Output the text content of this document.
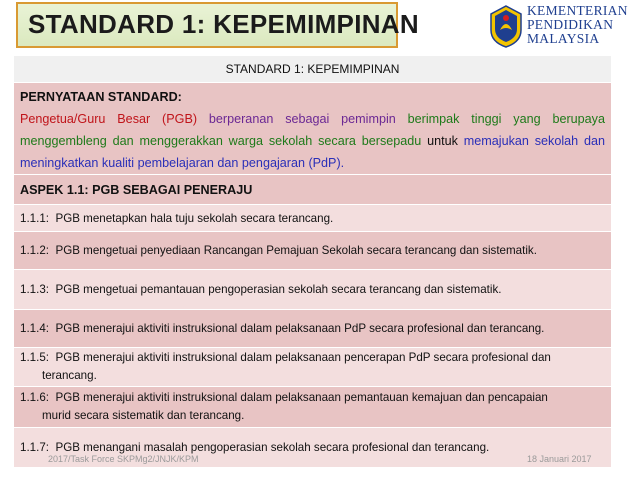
STANDARD 1: KEPEMIMPINAN	KEMENTERIAN
PENDIDIKAN
MALAYSIA
STANDARD 1: KEPEMIMPINAN

PERNYATAAN STANDARD:
Pengetua/Guru Besar (PGB) berperanan sebagai pemimpin berimpak tinggi yang berupaya menggembleng dan menggerakkan warga sekolah secara bersepadu untuk memajukan sekolah dan meningkatkan kualiti pembelajaran dan pengajaran (PdP).

ASPEK 1.1: PGB SEBAGAI PENERAJU
1.1.1: PGB menetapkan hala tuju sekolah secara terancang.
1.1.2: PGB mengetuai penyediaan Rancangan Pemajuan Sekolah secara terancang dan sistematik.
1.1.3: PGB mengetuai pemantauan pengoperasian sekolah secara terancang dan sistematik.
1.1.4: PGB menerajui aktiviti instruksional dalam pelaksanaan PdP secara profesional dan terancang.
1.1.5: PGB menerajui aktiviti instruksional dalam pelaksanaan pencerapan PdP secara profesional dan
terancang.

1.1.6: PGB menerajui aktiviti instruksional dalam pelaksanaan pemantauan kemajuan dan pencapaian
murid secara sistematik dan terancang.

1.1.7: PGB menangani masalah pengoperasian sekolah secara profesional dan terancang.
2017/Task Force SKPMg2/JNJK/KPM	18 Januari 2017
